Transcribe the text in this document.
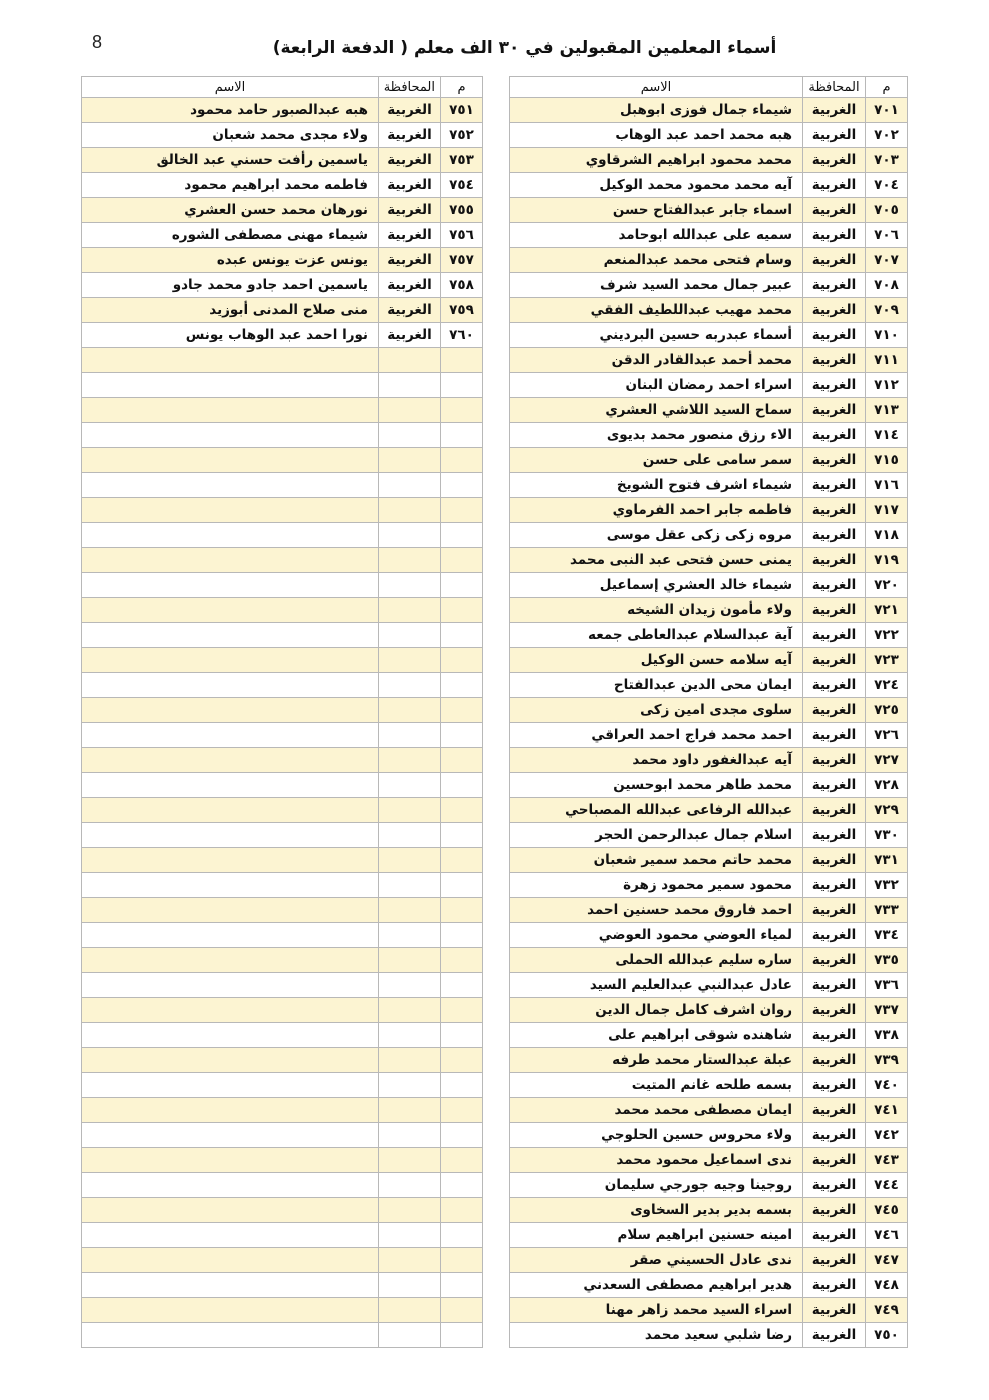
8	أسماء المعلمين المقبولين في ٣٠ الف معلم ( الدفعة الرابعة)
م	المحافظة	الاسم
٧٠١	الغربية	شيماء جمال فوزى ابوهبل
٧٠٢	الغربية	هبه محمد احمد عبد الوهاب
٧٠٣	الغربية	محمد محمود ابراهيم الشرقاوي
٧٠٤	الغربية	آيه محمد محمود محمد الوكيل
٧٠٥	الغربية	اسماء جابر عبدالفتاح حسن
٧٠٦	الغربية	سميه على عبدالله ابوحامد
٧٠٧	الغربية	وسام فتحى محمد عبدالمنعم
٧٠٨	الغربية	عبير جمال محمد السيد شرف
٧٠٩	الغربية	محمد مهيب عبداللطيف الفقي
٧١٠	الغربية	أسماء عبدربه حسين البرديني
٧١١	الغربية	محمد أحمد عبدالقادر الدقن
٧١٢	الغربية	اسراء احمد رمضان البنان
٧١٣	الغربية	سماح السيد اللاشي العشري
٧١٤	الغربية	الاء رزق منصور محمد بديوى
٧١٥	الغربية	سمر سامى على حسن
٧١٦	الغربية	شيماء اشرف فتوح الشويخ
٧١٧	الغربية	فاطمه جابر احمد الفرماوي
٧١٨	الغربية	مروه زكى زكى عقل موسى
٧١٩	الغربية	يمنى حسن فتحى عبد النبى محمد
٧٢٠	الغربية	شيماء خالد العشري إسماعيل
٧٢١	الغربية	ولاء مأمون زيدان الشيخه
٧٢٢	الغربية	آية عبدالسلام عبدالعاطى جمعه
٧٢٣	الغربية	آيه سلامه حسن الوكيل
٧٢٤	الغربية	ايمان محى الدين عبدالفتاح
٧٢٥	الغربية	سلوى مجدى امين زكى
٧٢٦	الغربية	احمد محمد فراج احمد العراقي
٧٢٧	الغربية	آيه عبدالغفور داود محمد
٧٢٨	الغربية	محمد طاهر محمد ابوحسين
٧٢٩	الغربية	عبدالله الرفاعى عبدالله المصباحي
٧٣٠	الغربية	اسلام جمال عبدالرحمن الحجر
٧٣١	الغربية	محمد حاتم محمد سمير شعبان
٧٣٢	الغربية	محمود سمير محمود زهرة
٧٣٣	الغربية	احمد فاروق محمد حسنين احمد
٧٣٤	الغربية	لمياء العوضي محمود العوضي
٧٣٥	الغربية	ساره سليم عبدالله الحملى
٧٣٦	الغربية	عادل عبدالنبي عبدالعليم السيد
٧٣٧	الغربية	روان اشرف كامل جمال الدين
٧٣٨	الغربية	شاهنده شوقى ابراهيم على
٧٣٩	الغربية	عبلة عبدالستار محمد طرفه
٧٤٠	الغربية	بسمه طلحه غانم المتيت
٧٤١	الغربية	ايمان مصطفى محمد محمد
٧٤٢	الغربية	ولاء محروس حسين الحلوجي
٧٤٣	الغربية	ندى اسماعيل محمود محمد
٧٤٤	الغربية	روجينا وجيه جورجي سليمان
٧٤٥	الغربية	بسمه بدير بدير السخاوى
٧٤٦	الغربية	امينه حسنين ابراهيم سلام
٧٤٧	الغربية	ندى عادل الحسيني صقر
٧٤٨	الغربية	هدير ابراهيم مصطفى السعدني
٧٤٩	الغربية	اسراء السيد محمد زاهر مهنا
٧٥٠	الغربية	رضا شلبي سعيد محمد
م	المحافظة	الاسم
٧٥١	الغربية	هبه عبدالصبور حامد محمود
٧٥٢	الغربية	ولاء مجدى محمد شعبان
٧٥٣	الغربية	ياسمين رأفت حسني عبد الخالق
٧٥٤	الغربية	فاطمه محمد ابراهيم محمود
٧٥٥	الغربية	نورهان محمد حسن العشري
٧٥٦	الغربية	شيماء مهنى مصطفى الشوره
٧٥٧	الغربية	يونس عزت يونس عبده
٧٥٨	الغربية	ياسمين احمد جادو محمد جادو
٧٥٩	الغربية	منى صلاح المدنى أبوزيد
٧٦٠	الغربية	نورا احمد عبد الوهاب يونس
